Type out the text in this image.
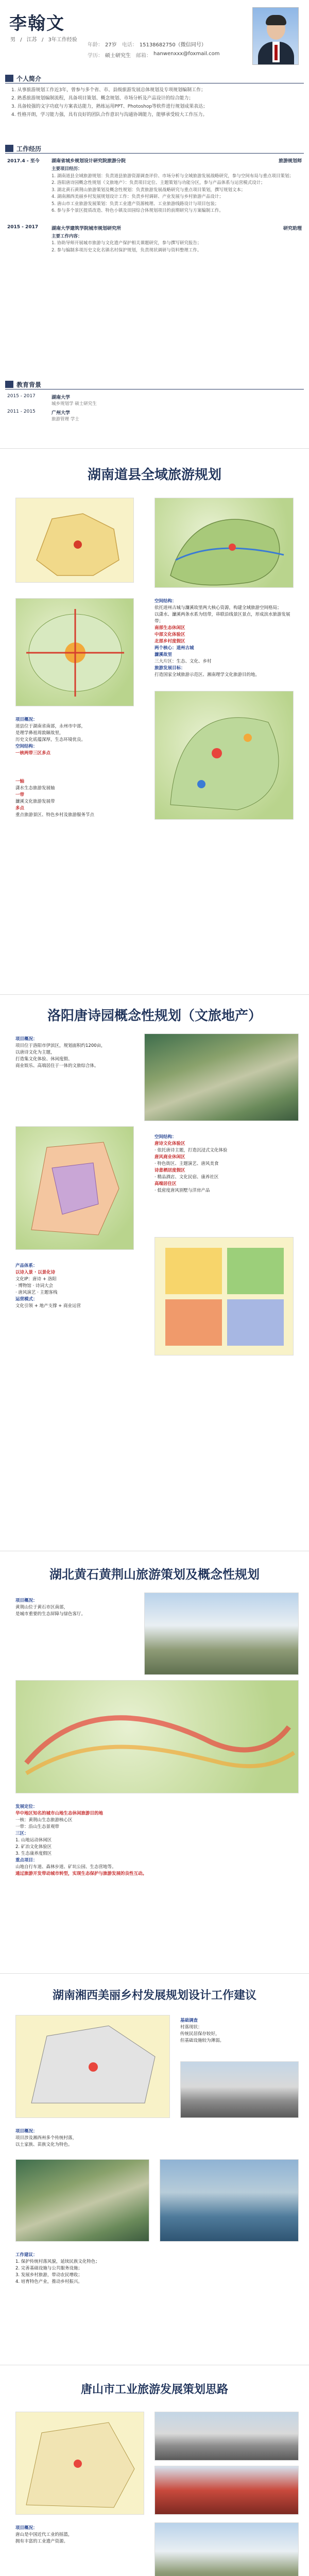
李翰文
男 / 江苏 / 3年工作经验
年龄： 27岁 电话： 15138682750（微信同号）
学历： 硕士研究生 邮箱： hanwenxxx@foxmail.com
个人简介

1. 从事旅游规划工作近3年，曾参与多个省、市、县级旅游发展总体规划及专项规划编制工作；

2. 熟悉旅游规划编制流程，具备项目策划、概念规划、市场分析及产品设计的综合能力；

3. 具备较强的文字功底与方案表达能力，熟练运用PPT、Photoshop等软件进行规划成果表达；

4. 性格开朗，学习能力强，具有良好的团队合作意识与沟通协调能力，能够承受较大工作压力。

工作经历
2017.4 - 至今	湖南省城乡规划设计研究院旅游分院	旅游规划师

主要项目经历：

1. 湖南道县全域旅游规划：负责道县旅游资源调查评价、市场分析与全域旅游发展战略研究，参与空间布局与重点项目策划；

2. 洛阳唐诗园概念性规划（文旅地产）：负责项目定位、主题策划与功能分区，参与产品体系与运营模式设计；

3. 湖北黄石黄荆山旅游策划及概念性规划：负责旅游发展战略研究与重点项目策划，撰写规划文本；

4. 湖南湘西美丽乡村发展规划设计工作：负责乡村调研、产业发展与乡村旅游产品设计；

5. 唐山市工业旅游发展策划：负责工业遗产资源梳理、工业旅游线路设计与项目包装；

6. 参与多个景区提质改造、特色小镇及田园综合体规划项目的前期研究与方案编制工作。

2015 - 2017	湖南大学建筑学院城市规划研究所	研究助理

主要工作内容：

1. 协助导师开展城市旅游与文化遗产保护相关课题研究，参与撰写研究报告；

2. 参与编制多项历史文化名镇名村保护规划，负责现状调研与资料整理工作。

教育背景
2015 - 2017	湖南大学
城乡规划学 硕士研究生
2011 - 2015	广州大学
旅游管理 学士
湖南道县全域旅游规划

空间结构：

依托道州古城与濂溪故里两大核心资源，构建全域旅游空间格局；

以潇水、濂溪两条水系为纽带，串联沿线景区景点，形成滨水旅游发展带；

南部生态休闲区

中部文化体验区

北部乡村度假区

两个核心：道州古城

濂溪故里

三大片区：生态、文化、乡村

旅游发展目标：

打造国家全域旅游示范区、湘南理学文化旅游目的地。

项目概况：

道县位于湖南省南部，永州市中部，

是理学鼻祖周敦颐故里，

历史文化底蕴深厚，生态环境优良。

空间结构：

一核两带三区多点

一轴

潇水生态旅游发展轴

一带

濂溪文化旅游发展带

多点

重点旅游景区、特色乡村及旅游服务节点

洛阳唐诗园概念性规划（文旅地产）

项目概况：

项目位于洛阳市伊滨区，规划面积约1200亩，

以唐诗文化为主题，

打造集文化体验、休闲度假、

商业娱乐、高端居住于一体的文旅综合体。

空间结构：

唐诗文化体验区

· 依托唐诗主题，打造沉浸式文化体验

唐风商业休闲区

· 特色街区、主题演艺、唐风美食

诗意栖居度假区

· 精品酒店、文化民宿、康养社区

高端居住区

· 低密度唐风别墅与洋房产品

产品体系：

以诗入景 · 以景化诗

文化IP：唐诗 + 洛阳

· 博物馆 · 诗词大会

· 唐风演艺 · 主题客栈

运营模式：

文化引领 + 地产支撑 + 商业运营

湖北黄石黄荆山旅游策划及概念性规划

项目概况：

黄荆山位于黄石市区南部，

是城市重要的生态屏障与绿色客厅。

发展定位：

华中地区知名的城市山地生态休闲旅游目的地

一核：黄荆山生态旅游核心区

一带：沿山生态景观带

三区：

1. 山地运动休闲区

2. 矿冶文化体验区

3. 生态康养度假区

重点项目：

山地自行车道、森林步道、矿坑公园、生态营地等。

通过旅游开发带动城市转型，实现生态保护与旅游发展的良性互动。

湖南湘西美丽乡村发展规划设计工作建议

基础调查

村落现状：

传统民居保存较好，

但基础设施较为薄弱。

项目概况：

项目涉及湘西州多个传统村落，

以土家族、苗族文化为特色。

工作建议：

1. 保护传统村落风貌，延续民族文化特色；

2. 完善基础设施与公共服务设施；

3. 发展乡村旅游，带动农民增收；

4. 培育特色产业，推动乡村振兴。

唐山市工业旅游发展策划思路

项目概况：

唐山是中国近代工业的摇篮，

拥有丰富的工业遗产资源。
